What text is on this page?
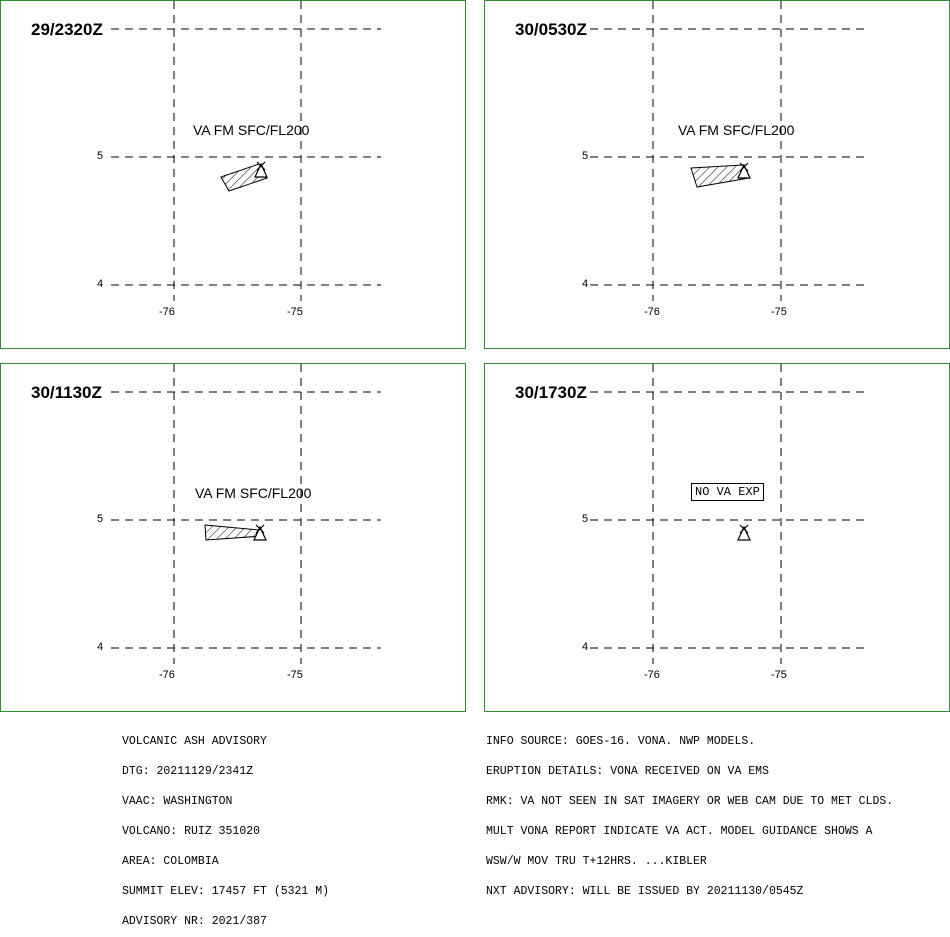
29/2320Z
VA FM SFC/FL200
5
4
-76	-75
30/0530Z
VA FM SFC/FL200
5
4
-76	-75
30/1130Z
VA FM SFC/FL200
5
4
-76	-75
30/1730Z
NO VA EXP
5
4
-76	-75

VOLCANIC ASH ADVISORY

DTG: 20211129/2341Z

VAAC: WASHINGTON

VOLCANO: RUIZ 351020

AREA: COLOMBIA

SUMMIT ELEV: 17457 FT (5321 M)

ADVISORY NR: 2021/387

INFO SOURCE: GOES-16. VONA. NWP MODELS.

ERUPTION DETAILS: VONA RECEIVED ON VA EMS

RMK: VA NOT SEEN IN SAT IMAGERY OR WEB CAM DUE TO MET CLDS.

MULT VONA REPORT INDICATE VA ACT. MODEL GUIDANCE SHOWS A

WSW/W MOV TRU T+12HRS. ...KIBLER

NXT ADVISORY: WILL BE ISSUED BY 20211130/0545Z
